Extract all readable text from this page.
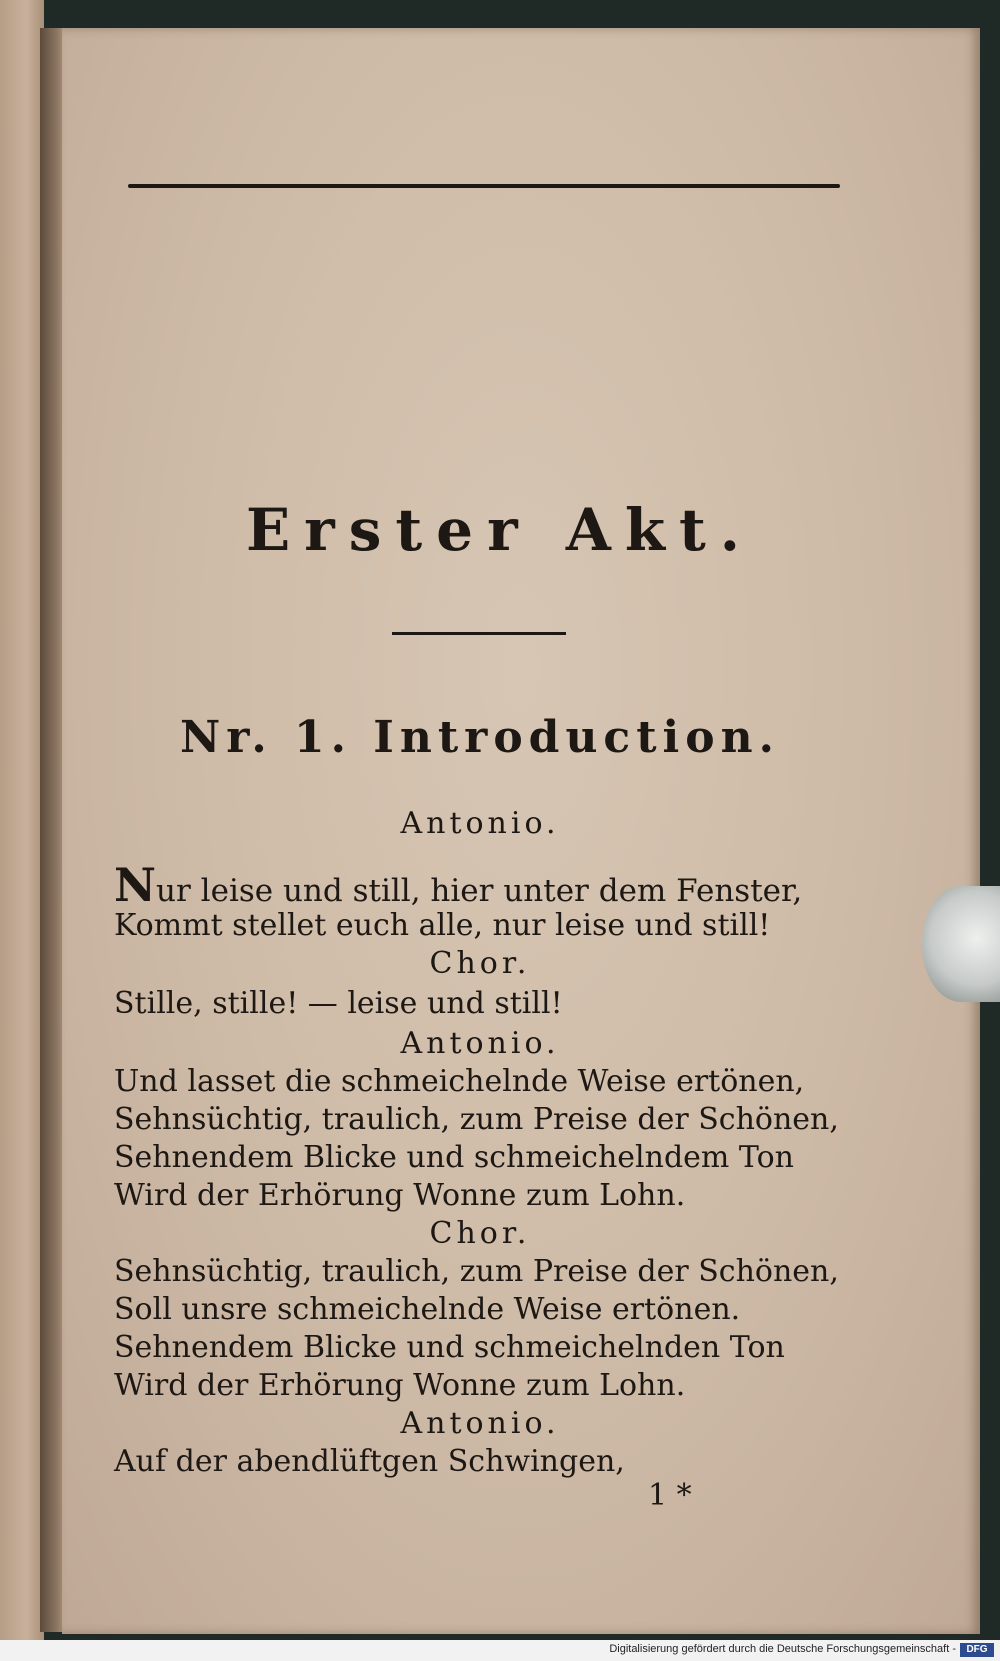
Erster Akt.
Nr. 1. Introduction.
Antonio.
Nur leise und still, hier unter dem Fenster,
Kommt stellet euch alle, nur leise und still!
Chor.
Stille, stille! — leise und still!
Antonio.
Und lasset die schmeichelnde Weise ertönen,
Sehnsüchtig, traulich, zum Preise der Schönen,
Sehnendem Blicke und schmeichelndem Ton
Wird der Erhörung Wonne zum Lohn.
Chor.
Sehnsüchtig, traulich, zum Preise der Schönen,
Soll unsre schmeichelnde Weise ertönen.
Sehnendem Blicke und schmeichelnden Ton
Wird der Erhörung Wonne zum Lohn.
Antonio.
Auf der abendlüftgen Schwingen,
1 *
Digitalisierung gefördert durch die Deutsche Forschungsgemeinschaft -	DFG
